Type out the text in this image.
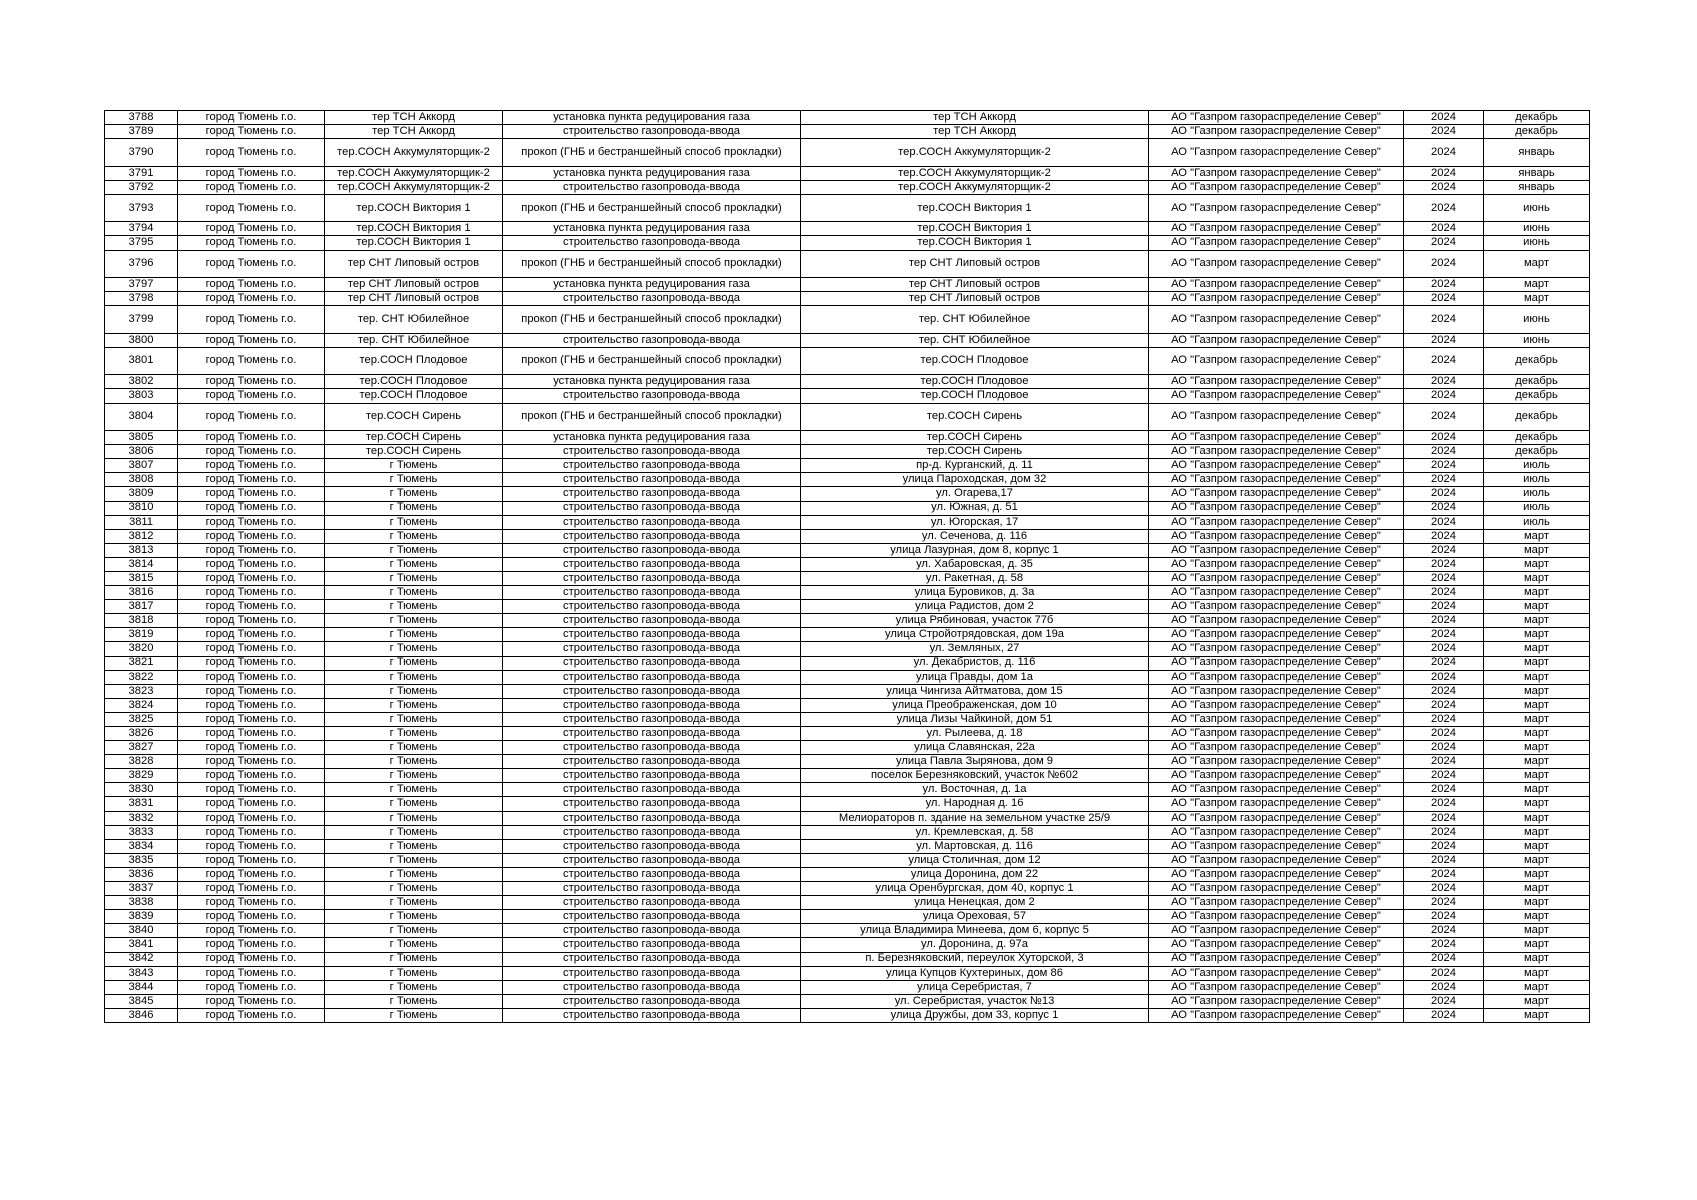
3788	город Тюмень г.о.	тер ТСН Аккорд	установка пункта редуцирования газа	тер ТСН Аккорд	АО "Газпром газораспределение Север"	2024	декабрь
3789	город Тюмень г.о.	тер ТСН Аккорд	строительство газопровода-ввода	тер ТСН Аккорд	АО "Газпром газораспределение Север"	2024	декабрь
3790	город Тюмень г.о.	тер.СОСН Аккумуляторщик-2	прокоп (ГНБ и бестраншейный способ прокладки)	тер.СОСН Аккумуляторщик-2	АО "Газпром газораспределение Север"	2024	январь
3791	город Тюмень г.о.	тер.СОСН Аккумуляторщик-2	установка пункта редуцирования газа	тер.СОСН Аккумуляторщик-2	АО "Газпром газораспределение Север"	2024	январь
3792	город Тюмень г.о.	тер.СОСН Аккумуляторщик-2	строительство газопровода-ввода	тер.СОСН Аккумуляторщик-2	АО "Газпром газораспределение Север"	2024	январь
3793	город Тюмень г.о.	тер.СОСН Виктория 1	прокоп (ГНБ и бестраншейный способ прокладки)	тер.СОСН Виктория 1	АО "Газпром газораспределение Север"	2024	июнь
3794	город Тюмень г.о.	тер.СОСН Виктория 1	установка пункта редуцирования газа	тер.СОСН Виктория 1	АО "Газпром газораспределение Север"	2024	июнь
3795	город Тюмень г.о.	тер.СОСН Виктория 1	строительство газопровода-ввода	тер.СОСН Виктория 1	АО "Газпром газораспределение Север"	2024	июнь
3796	город Тюмень г.о.	тер СНТ Липовый остров	прокоп (ГНБ и бестраншейный способ прокладки)	тер СНТ Липовый остров	АО "Газпром газораспределение Север"	2024	март
3797	город Тюмень г.о.	тер СНТ Липовый остров	установка пункта редуцирования газа	тер СНТ Липовый остров	АО "Газпром газораспределение Север"	2024	март
3798	город Тюмень г.о.	тер СНТ Липовый остров	строительство газопровода-ввода	тер СНТ Липовый остров	АО "Газпром газораспределение Север"	2024	март
3799	город Тюмень г.о.	тер. СНТ Юбилейное	прокоп (ГНБ и бестраншейный способ прокладки)	тер. СНТ Юбилейное	АО "Газпром газораспределение Север"	2024	июнь
3800	город Тюмень г.о.	тер. СНТ Юбилейное	строительство газопровода-ввода	тер. СНТ Юбилейное	АО "Газпром газораспределение Север"	2024	июнь
3801	город Тюмень г.о.	тер.СОСН Плодовое	прокоп (ГНБ и бестраншейный способ прокладки)	тер.СОСН Плодовое	АО "Газпром газораспределение Север"	2024	декабрь
3802	город Тюмень г.о.	тер.СОСН Плодовое	установка пункта редуцирования газа	тер.СОСН Плодовое	АО "Газпром газораспределение Север"	2024	декабрь
3803	город Тюмень г.о.	тер.СОСН Плодовое	строительство газопровода-ввода	тер.СОСН Плодовое	АО "Газпром газораспределение Север"	2024	декабрь
3804	город Тюмень г.о.	тер.СОСН Сирень	прокоп (ГНБ и бестраншейный способ прокладки)	тер.СОСН Сирень	АО "Газпром газораспределение Север"	2024	декабрь
3805	город Тюмень г.о.	тер.СОСН Сирень	установка пункта редуцирования газа	тер.СОСН Сирень	АО "Газпром газораспределение Север"	2024	декабрь
3806	город Тюмень г.о.	тер.СОСН Сирень	строительство газопровода-ввода	тер.СОСН Сирень	АО "Газпром газораспределение Север"	2024	декабрь
3807	город Тюмень г.о.	г Тюмень	строительство газопровода-ввода	пр-д. Курганский, д. 11	АО "Газпром газораспределение Север"	2024	июль
3808	город Тюмень г.о.	г Тюмень	строительство газопровода-ввода	улица Пароходская, дом 32	АО "Газпром газораспределение Север"	2024	июль
3809	город Тюмень г.о.	г Тюмень	строительство газопровода-ввода	ул. Огарева,17	АО "Газпром газораспределение Север"	2024	июль
3810	город Тюмень г.о.	г Тюмень	строительство газопровода-ввода	ул. Южная, д. 51	АО "Газпром газораспределение Север"	2024	июль
3811	город Тюмень г.о.	г Тюмень	строительство газопровода-ввода	ул. Югорская, 17	АО "Газпром газораспределение Север"	2024	июль
3812	город Тюмень г.о.	г Тюмень	строительство газопровода-ввода	ул. Сеченова, д. 116	АО "Газпром газораспределение Север"	2024	март
3813	город Тюмень г.о.	г Тюмень	строительство газопровода-ввода	улица Лазурная, дом 8, корпус 1	АО "Газпром газораспределение Север"	2024	март
3814	город Тюмень г.о.	г Тюмень	строительство газопровода-ввода	ул. Хабаровская, д. 35	АО "Газпром газораспределение Север"	2024	март
3815	город Тюмень г.о.	г Тюмень	строительство газопровода-ввода	ул. Ракетная, д. 58	АО "Газпром газораспределение Север"	2024	март
3816	город Тюмень г.о.	г Тюмень	строительство газопровода-ввода	улица Буровиков, д. 3а	АО "Газпром газораспределение Север"	2024	март
3817	город Тюмень г.о.	г Тюмень	строительство газопровода-ввода	улица Радистов, дом 2	АО "Газпром газораспределение Север"	2024	март
3818	город Тюмень г.о.	г Тюмень	строительство газопровода-ввода	улица Рябиновая, участок 77б	АО "Газпром газораспределение Север"	2024	март
3819	город Тюмень г.о.	г Тюмень	строительство газопровода-ввода	улица Стройотрядовская, дом 19а	АО "Газпром газораспределение Север"	2024	март
3820	город Тюмень г.о.	г Тюмень	строительство газопровода-ввода	ул. Земляных, 27	АО "Газпром газораспределение Север"	2024	март
3821	город Тюмень г.о.	г Тюмень	строительство газопровода-ввода	ул. Декабристов, д. 116	АО "Газпром газораспределение Север"	2024	март
3822	город Тюмень г.о.	г Тюмень	строительство газопровода-ввода	улица Правды, дом 1а	АО "Газпром газораспределение Север"	2024	март
3823	город Тюмень г.о.	г Тюмень	строительство газопровода-ввода	улица Чингиза Айтматова, дом 15	АО "Газпром газораспределение Север"	2024	март
3824	город Тюмень г.о.	г Тюмень	строительство газопровода-ввода	улица Преображенская, дом 10	АО "Газпром газораспределение Север"	2024	март
3825	город Тюмень г.о.	г Тюмень	строительство газопровода-ввода	улица Лизы Чайкиной, дом 51	АО "Газпром газораспределение Север"	2024	март
3826	город Тюмень г.о.	г Тюмень	строительство газопровода-ввода	ул. Рылеева, д. 18	АО "Газпром газораспределение Север"	2024	март
3827	город Тюмень г.о.	г Тюмень	строительство газопровода-ввода	улица Славянская, 22а	АО "Газпром газораспределение Север"	2024	март
3828	город Тюмень г.о.	г Тюмень	строительство газопровода-ввода	улица Павла Зырянова, дом 9	АО "Газпром газораспределение Север"	2024	март
3829	город Тюмень г.о.	г Тюмень	строительство газопровода-ввода	поселок Березняковский, участок №602	АО "Газпром газораспределение Север"	2024	март
3830	город Тюмень г.о.	г Тюмень	строительство газопровода-ввода	ул. Восточная, д. 1а	АО "Газпром газораспределение Север"	2024	март
3831	город Тюмень г.о.	г Тюмень	строительство газопровода-ввода	ул. Народная д. 16	АО "Газпром газораспределение Север"	2024	март
3832	город Тюмень г.о.	г Тюмень	строительство газопровода-ввода	Мелиораторов п. здание на земельном участке 25/9	АО "Газпром газораспределение Север"	2024	март
3833	город Тюмень г.о.	г Тюмень	строительство газопровода-ввода	ул. Кремлевская, д. 58	АО "Газпром газораспределение Север"	2024	март
3834	город Тюмень г.о.	г Тюмень	строительство газопровода-ввода	ул. Мартовская, д. 116	АО "Газпром газораспределение Север"	2024	март
3835	город Тюмень г.о.	г Тюмень	строительство газопровода-ввода	улица Столичная, дом 12	АО "Газпром газораспределение Север"	2024	март
3836	город Тюмень г.о.	г Тюмень	строительство газопровода-ввода	улица Доронина, дом 22	АО "Газпром газораспределение Север"	2024	март
3837	город Тюмень г.о.	г Тюмень	строительство газопровода-ввода	улица Оренбургская, дом 40, корпус 1	АО "Газпром газораспределение Север"	2024	март
3838	город Тюмень г.о.	г Тюмень	строительство газопровода-ввода	улица Ненецкая, дом 2	АО "Газпром газораспределение Север"	2024	март
3839	город Тюмень г.о.	г Тюмень	строительство газопровода-ввода	улица Ореховая, 57	АО "Газпром газораспределение Север"	2024	март
3840	город Тюмень г.о.	г Тюмень	строительство газопровода-ввода	улица Владимира Минеева, дом 6, корпус 5	АО "Газпром газораспределение Север"	2024	март
3841	город Тюмень г.о.	г Тюмень	строительство газопровода-ввода	ул. Доронина, д. 97а	АО "Газпром газораспределение Север"	2024	март
3842	город Тюмень г.о.	г Тюмень	строительство газопровода-ввода	п. Березняковский, переулок Хуторской, 3	АО "Газпром газораспределение Север"	2024	март
3843	город Тюмень г.о.	г Тюмень	строительство газопровода-ввода	улица Купцов Кухтериных, дом 86	АО "Газпром газораспределение Север"	2024	март
3844	город Тюмень г.о.	г Тюмень	строительство газопровода-ввода	улица Серебристая, 7	АО "Газпром газораспределение Север"	2024	март
3845	город Тюмень г.о.	г Тюмень	строительство газопровода-ввода	ул. Серебристая, участок №13	АО "Газпром газораспределение Север"	2024	март
3846	город Тюмень г.о.	г Тюмень	строительство газопровода-ввода	улица Дружбы, дом 33, корпус 1	АО "Газпром газораспределение Север"	2024	март
